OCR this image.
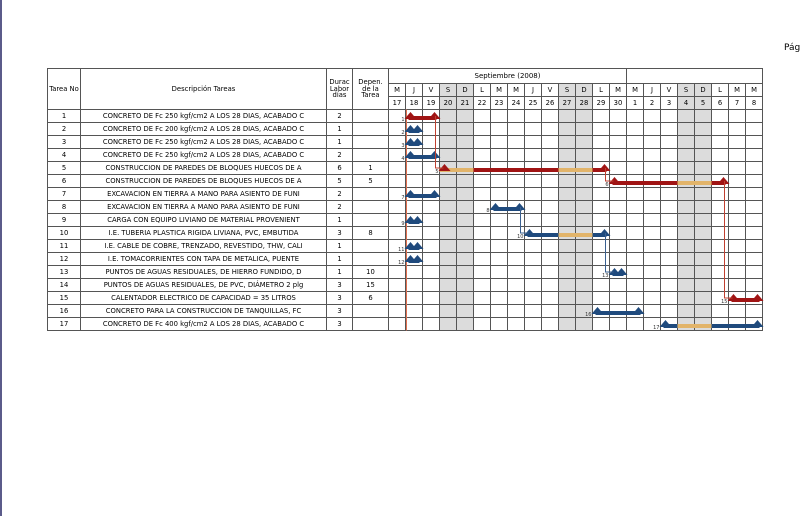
Pág
Tarea No	Descripción Tareas	Durac Labor días	Depen. de la Tarea	Septiembre (2008)																					
				M	J	V	S	D	L	M	M	J	V	S	D	L	M	M	J	V	S	D	L	M	M
				17	18	19	20	21	22	23	24	25	26	27	28	29	30	1	2	3	4	5	6	7	8
1	CONCRETO DE Fc 250 kgf/cm2 A LOS 28 DIAS, ACABADO C	2																							
2	CONCRETO DE Fc 200 kgf/cm2 A LOS 28 DIAS, ACABADO C	1																							
3	CONCRETO DE Fc 250 kgf/cm2 A LOS 28 DIAS, ACABADO C	1																							
4	CONCRETO DE Fc 250 kgf/cm2 A LOS 28 DIAS, ACABADO C	2																							
5	CONSTRUCCION DE PAREDES DE BLOQUES HUECOS DE A	6	1																						
6	CONSTRUCCION DE PAREDES DE BLOQUES HUECOS DE A	5	5																						
7	EXCAVACION EN TIERRA A MANO PARA ASIENTO DE FUNI	2																							
8	EXCAVACION EN TIERRA A MANO PARA ASIENTO DE FUNI	2																							
9	CARGA CON EQUIPO LIVIANO DE MATERIAL PROVENIENT	1																							
10	I.E. TUBERIA PLASTICA RIGIDA LIVIANA, PVC, EMBUTIDA	3	8																						
11	I.E. CABLE DE COBRE, TRENZADO, REVESTIDO, THW, CALI	1																							
12	I.E. TOMACORRIENTES CON TAPA DE METALICA, PUENTE	1																							
13	PUNTOS DE AGUAS RESIDUALES, DE HIERRO FUNDIDO, D	1	10																						
14	PUNTOS DE AGUAS RESIDUALES, DE PVC, DIÁMETRO 2 plg	3	15																						
15	CALENTADOR ELECTRICO DE CAPACIDAD = 35 LITROS	3	6																						
16	CONCRETO PARA LA CONSTRUCCION DE TANQUILLAS, FC	3																							
17	CONCRETO DE Fc 400 kgf/cm2 A LOS 28 DIAS, ACABADO C	3																							
1
2
3
4
5
6
7
8
9
10
11
12
13
15
16
17
